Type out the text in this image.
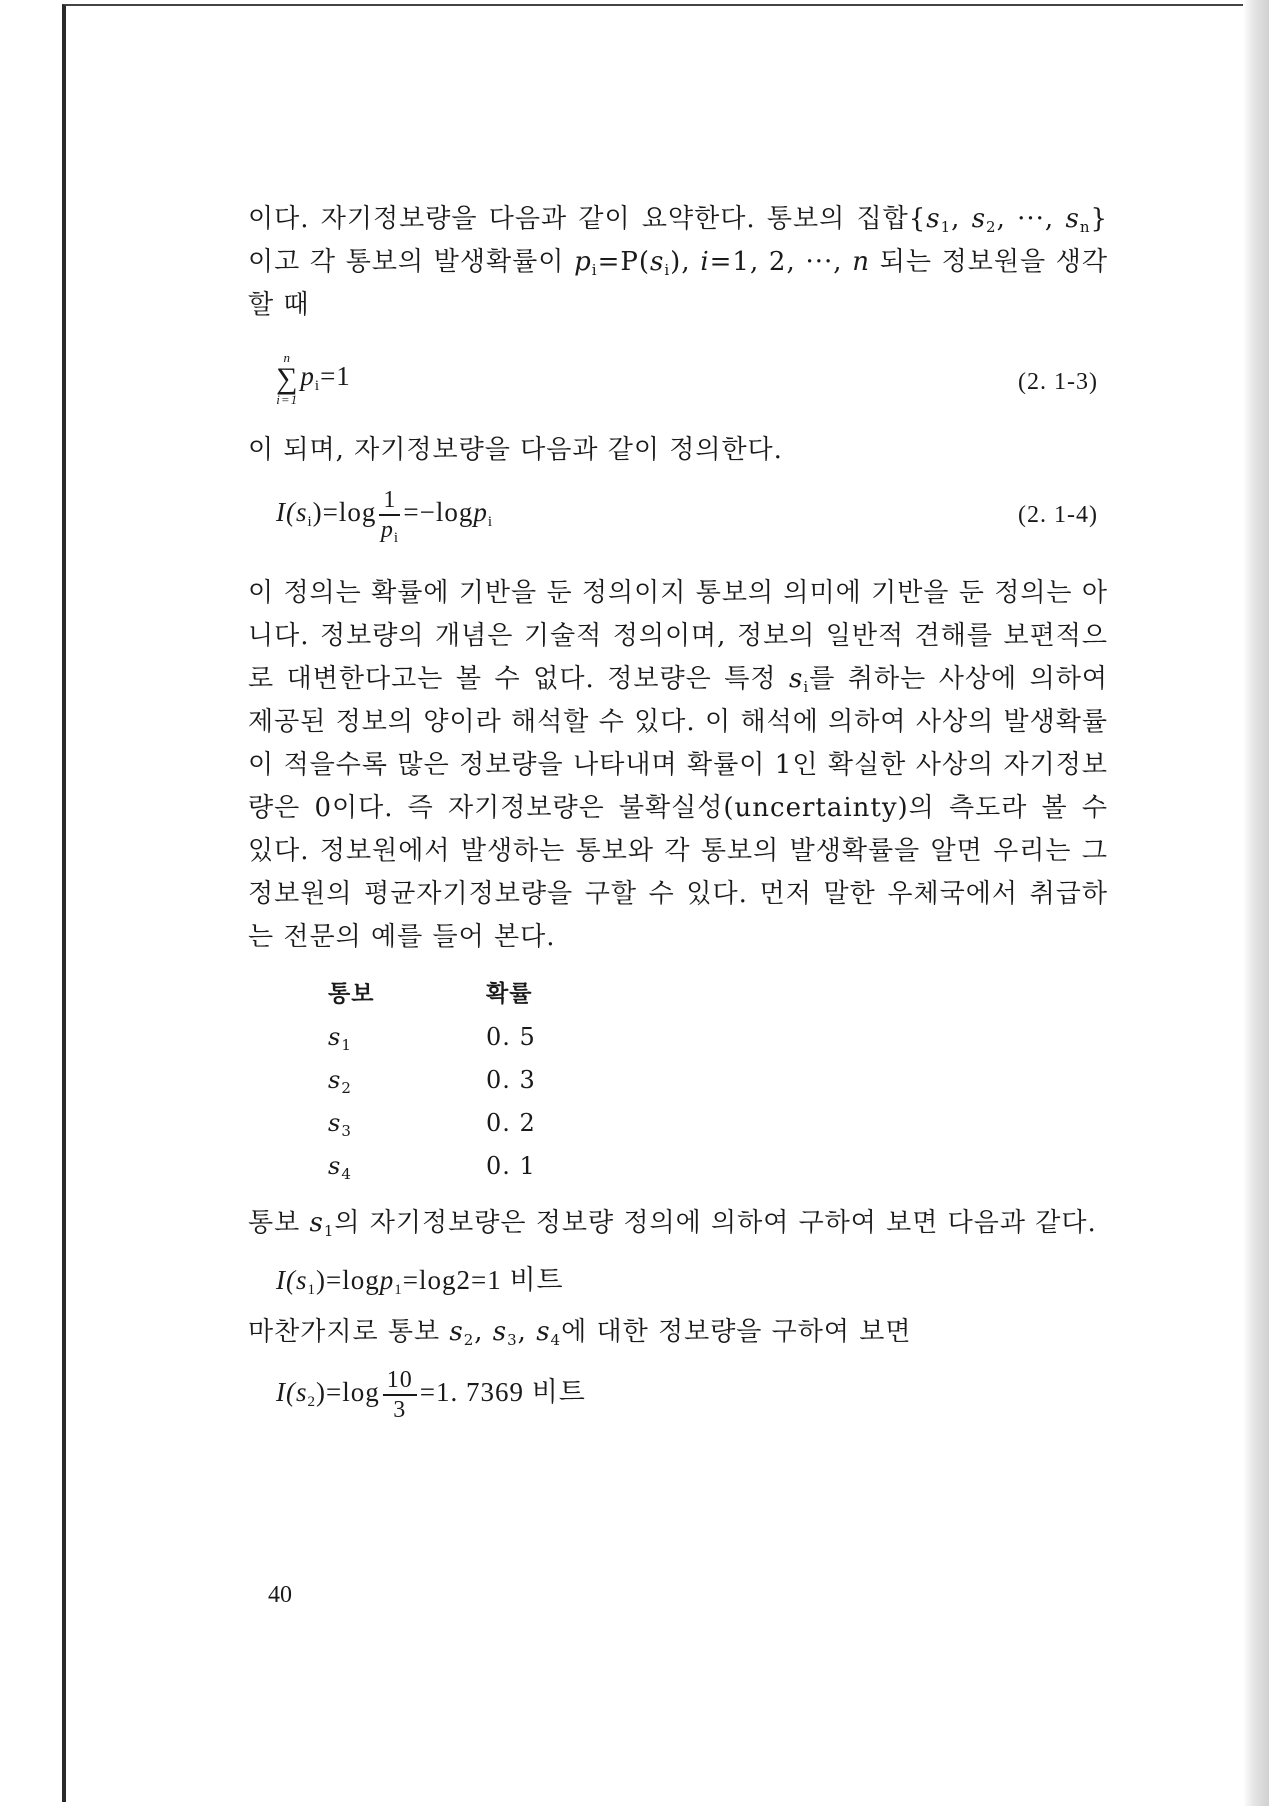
이다. 자기정보량을 다음과 같이 요약한다. 통보의 집합{$s_1$, $s_2$, ···, $s_n$} 이고 각 통보의 발생확률이 $p_i=P(s_i)$, i=1, 2, ···, n 되는 정보원을 생각할 때

n
∑
i=1
$p_i=1$	(2. 1-3)

이 되며, 자기정보량을 다음과 같이 정의한다.

$I(s_i)=\log \frac{1}{p_i} =-\log p_i$	(2. 1-4)

이 정의는 확률에 기반을 둔 정의이지 통보의 의미에 기반을 둔 정의는 아니다. 정보량의 개념은 기술적 정의이며, 정보의 일반적 견해를 보편적으로 대변한다고는 볼 수 없다. 정보량은 특정 $s_i$를 취하는 사상에 의하여 제공된 정보의 양이라 해석할 수 있다. 이 해석에 의하여 사상의 발생확률이 적을수록 많은 정보량을 나타내며 확률이 1인 확실한 사상의 자기정보량은 0이다. 즉 자기정보량은 불확실성(uncertainty)의 측도라 볼 수 있다. 정보원에서 발생하는 통보와 각 통보의 발생확률을 알면 우리는 그 정보원의 평균자기정보량을 구할 수 있다. 먼저 말한 우체국에서 취급하는 전문의 예를 들어 본다.

통보	확률
$s_1$	0. 5
$s_2$	0. 3
$s_3$	0. 2
$s_4$	0. 1

통보 $s_1$의 자기정보량은 정보량 정의에 의하여 구하여 보면 다음과 같다.

$I(s_1)=\log p_1=\log 2=1$ 비트

마찬가지로 통보 $s_2$, $s_3$, $s_4$에 대한 정보량을 구하여 보면

$I(s_2)=\log \frac{10}{3} =1$. 7369 비트
40
